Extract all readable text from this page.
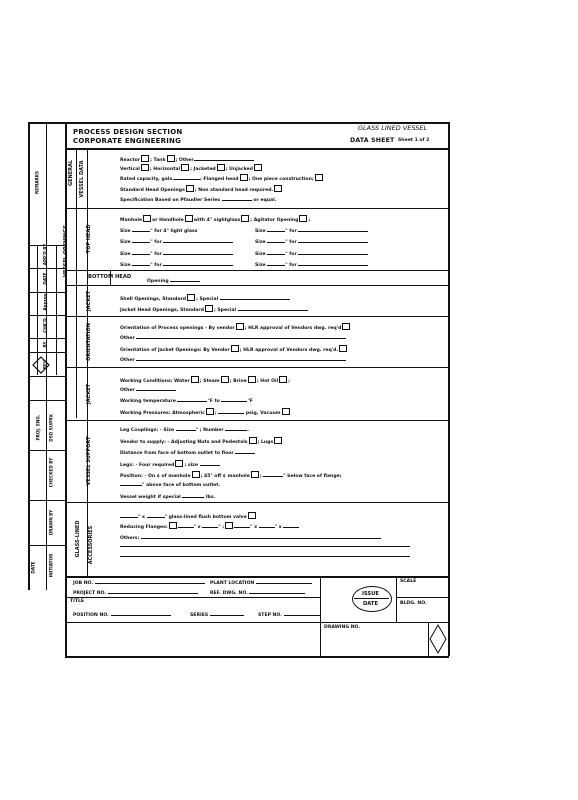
GLASS LINED VESSEL
PROCESS DESIGN SECTION
CORPORATE ENGINEERING	DATA SHEET Sheet 1 of 2
REMARKS
APP'D BY
DATE
Approv.
CHK'D
BY
REV
PROJ. ENG. DSD SUPRV.
CHECKED BY
DRAWN BY
INITIATOR
DATE
GENERAL VESSEL DATA
TOP HEAD
VESSEL OPENINGS
BOTTOM HEAD
JACKET
ORIENTATION
JACKET
VESSEL SUPPORT
GLASS-LINED ACCESSORIES
Reactor ; Tank ; Other
Vertical ; Horizontal ; Jacketed ; Unjacked
Rated capacity, gals.	; Flanged head ; One piece construction;
Standard Head Openings ; Non standard head required.
Specification Based on Pfaudler Series	or equal.
Manhole or Handhole with 4" sightglass ; Agitator Opening ;
Size	" for 4" light glass	Size	" for
Size	" for	Size	" for
Size	" for	Size	" for
Size	" for	Size	" for
Opening
Shell Openings, Standard ; Special
Jacket Head Openings, Standard ; Special
Orientation of Process openings - By vendor ; HLR approval of Vendors dwg. req'd
Other
Orientation of Jacket Openings: By Vendor ; HLR approval of Vendors dwg. req'd.
Other
Working Conditions: Water ; Steam ; Brine ; Hot Oil ;
Other
Working temperature	°F to	°F
Working Pressures: Atmospheric ;	psig, Vacuum
Leg Couplings: - Size	" ; Number	.
Vendor to supply: - Adjusting Nuts and Pedestals ; Lugs
Distance from face of bottom outlet to floor
Legs: - Four required ; size
Position: - On ¢ of manhole ; 45° off ¢ manhole ;	" below face of flange;
" above face of bottom outlet.
Vessel weight if special	lbs.
" x	" glass-lined flush bottom valve
Reducing Flanges:	" x	" ;	" x	" x
Others:
JOB NO.	PLANT LOCATION
PROJECT NO.	REF. DWG. NO.
TITLE
POSITION NO.	SERIES	STEP NO.
ISSUE
DATE
SCALE
BLDG. NO.
DRAWING NO.
